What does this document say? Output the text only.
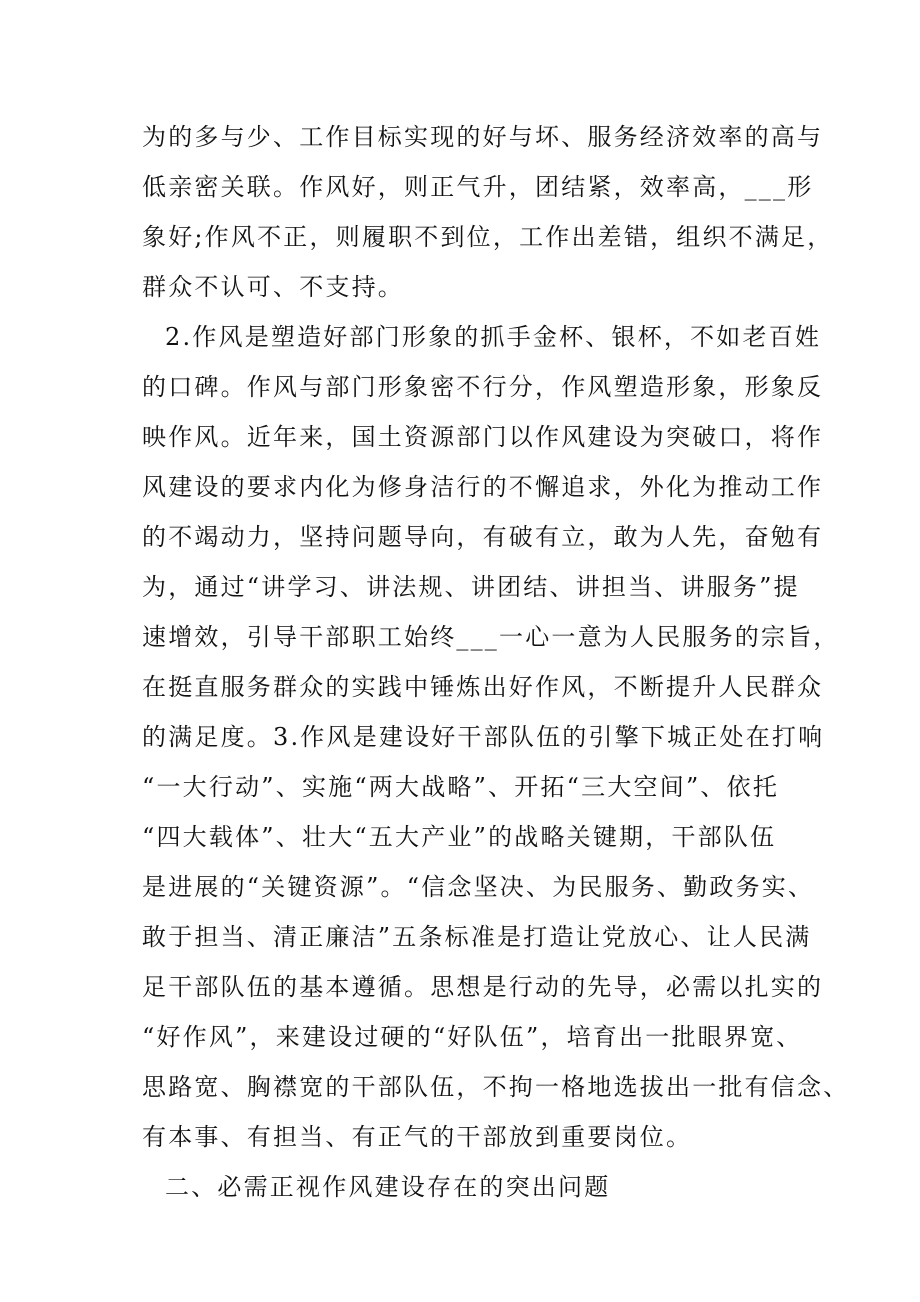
为的多与少、工作目标实现的好与坏、服务经济效率的高与
低亲密关联。作风好，则正气升，团结紧，效率高，___形
象好;作风不正，则履职不到位，工作出差错，组织不满足，
群众不认可、不支持。
2.作风是塑造好部门形象的抓手金杯、银杯，不如老百姓
的口碑。作风与部门形象密不行分，作风塑造形象，形象反
映作风。近年来，国土资源部门以作风建设为突破口，将作
风建设的要求内化为修身洁行的不懈追求，外化为推动工作
的不竭动力，坚持问题导向，有破有立，敢为人先，奋勉有
为，通过“讲学习、讲法规、讲团结、讲担当、讲服务”提
速增效，引导干部职工始终___一心一意为人民服务的宗旨，
在挺直服务群众的实践中锤炼出好作风，不断提升人民群众
的满足度。3.作风是建设好干部队伍的引擎下城正处在打响
“一大行动”、实施“两大战略”、开拓“三大空间”、依托
“四大载体”、壮大“五大产业”的战略关键期，干部队伍
是进展的“关键资源”。“信念坚决、为民服务、勤政务实、
敢于担当、清正廉洁”五条标准是打造让党放心、让人民满
足干部队伍的基本遵循。思想是行动的先导，必需以扎实的
“好作风”，来建设过硬的“好队伍”，培育出一批眼界宽、
思路宽、胸襟宽的干部队伍，不拘一格地选拔出一批有信念、
有本事、有担当、有正气的干部放到重要岗位。
二、必需正视作风建设存在的突出问题
